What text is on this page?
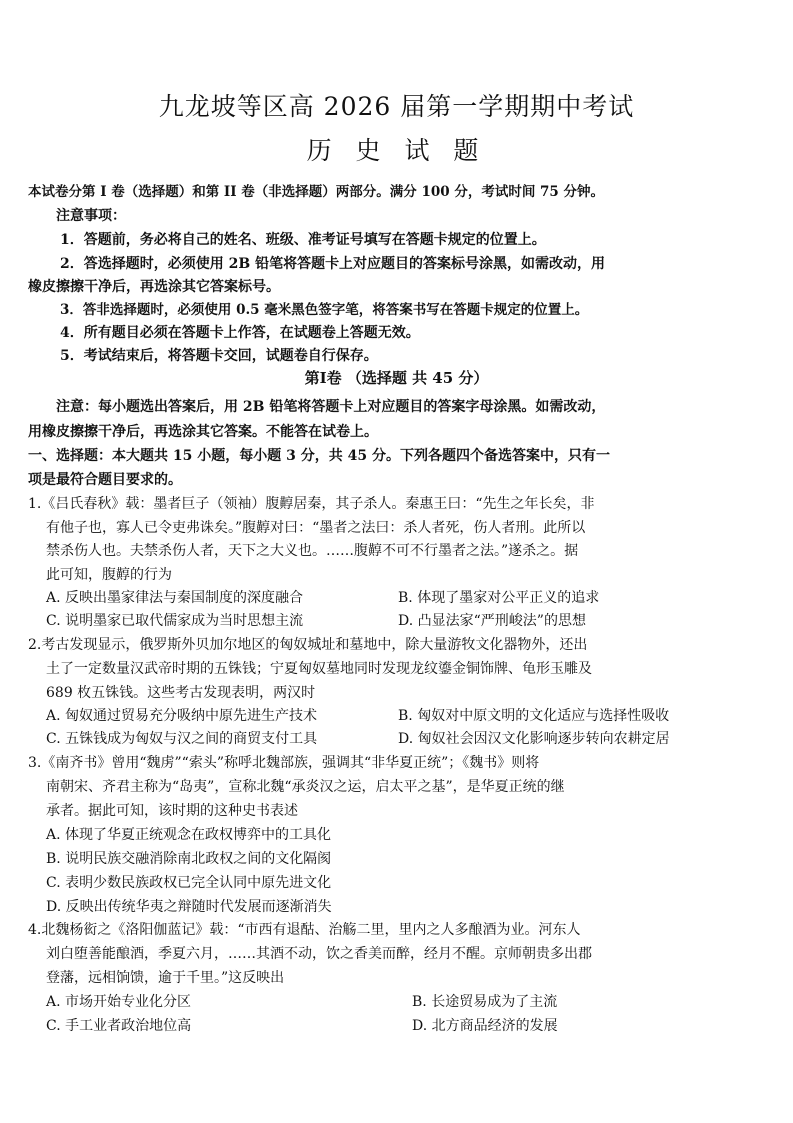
九龙坡等区高 2026 届第一学期期中考试
历 史 试 题
本试卷分第 I 卷（选择题）和第 II 卷（非选择题）两部分。满分 100 分，考试时间 75 分钟。
注意事项：
1．答题前，务必将自己的姓名、班级、准考证号填写在答题卡规定的位置上。
2．答选择题时，必须使用 2B 铅笔将答题卡上对应题目的答案标号涂黑，如需改动，用
橡皮擦擦干净后，再选涂其它答案标号。
3．答非选择题时，必须使用 0.5 毫米黑色签字笔，将答案书写在答题卡规定的位置上。
4．所有题目必须在答题卡上作答，在试题卷上答题无效。
5．考试结束后，将答题卡交回，试题卷自行保存。
第Ⅰ卷 （选择题 共 45 分）
注意：每小题选出答案后，用 2B 铅笔将答题卡上对应题目的答案字母涂黑。如需改动，
用橡皮擦擦干净后，再选涂其它答案。不能答在试卷上。
一、选择题：本大题共 15 小题，每小题 3 分，共 45 分。下列各题四个备选答案中，只有一
项是最符合题目要求的。
1.《吕氏春秋》载：墨者巨子（领袖）腹䵍居秦，其子杀人。秦惠王曰：“先生之年长矣，非
有他子也，寡人已令吏弗诛矣。”腹䵍对曰：“墨者之法曰：杀人者死，伤人者刑。此所以
禁杀伤人也。夫禁杀伤人者，天下之大义也。……腹䵍不可不行墨者之法。”遂杀之。据
此可知，腹䵍的行为
A. 反映出墨家律法与秦国制度的深度融合	B. 体现了墨家对公平正义的追求
C. 说明墨家已取代儒家成为当时思想主流	D. 凸显法家“严刑峻法”的思想
2.考古发现显示，俄罗斯外贝加尔地区的匈奴城址和墓地中，除大量游牧文化器物外，还出
土了一定数量汉武帝时期的五铢钱；宁夏匈奴墓地同时发现龙纹鎏金铜饰牌、龟形玉雕及
689 枚五铢钱。这些考古发现表明，两汉时
A. 匈奴通过贸易充分吸纳中原先进生产技术	B. 匈奴对中原文明的文化适应与选择性吸收
C. 五铢钱成为匈奴与汉之间的商贸支付工具	D. 匈奴社会因汉文化影响逐步转向农耕定居
3.《南齐书》曾用“魏虏”“索头”称呼北魏部族，强调其“非华夏正统”；《魏书》则将
南朝宋、齐君主称为“岛夷”，宣称北魏“承炎汉之运，启太平之基”，是华夏正统的继
承者。据此可知，该时期的这种史书表述
A. 体现了华夏正统观念在政权博弈中的工具化
B. 说明民族交融消除南北政权之间的文化隔阂
C. 表明少数民族政权已完全认同中原先进文化
D. 反映出传统华夷之辩随时代发展而逐渐消失
4.北魏杨衒之《洛阳伽蓝记》载：“市西有退酤、治觞二里，里内之人多酿酒为业。河东人
刘白堕善能酿酒，季夏六月，……其酒不动，饮之香美而醉，经月不醒。京师朝贵多出郡
登藩，远相饷馈，逾于千里。”这反映出
A. 市场开始专业化分区	B. 长途贸易成为了主流
C. 手工业者政治地位高	D. 北方商品经济的发展
